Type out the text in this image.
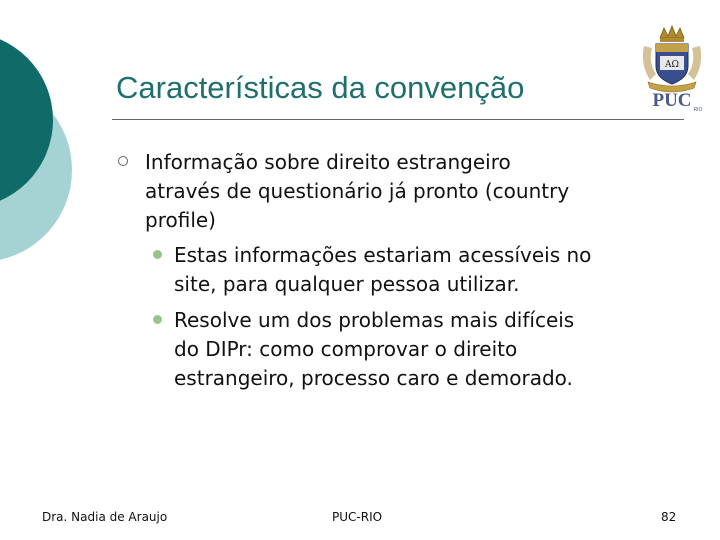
Características da convenção
AΩ
PUC RIO
Informação sobre direito estrangeiro
através de questionário já pronto (country
profile)
Estas informações estariam acessíveis no
site, para qualquer pessoa utilizar.
Resolve um dos problemas mais difíceis
do DIPr: como comprovar o direito
estrangeiro, processo caro e demorado.
Dra. Nadia de Araujo	PUC-RIO	82
